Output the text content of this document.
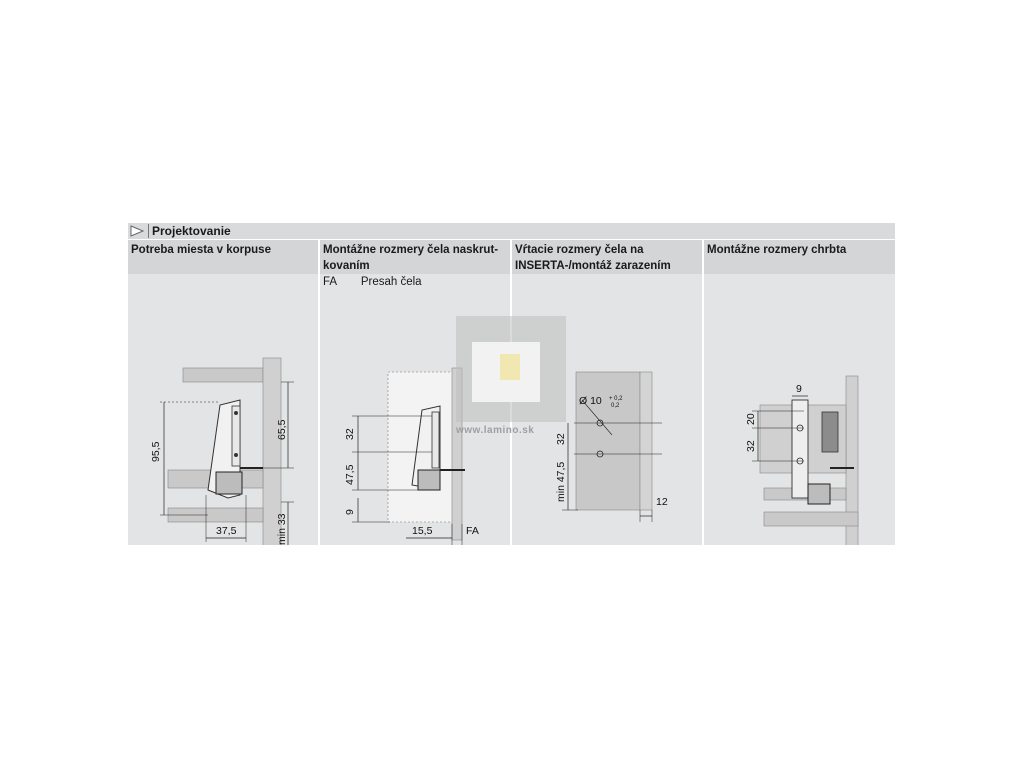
Projektovanie
Potreba miesta v korpuse
95,5
65,5
37,5	min 33
Montážne rozmery čela naskrut-
kovaním
FA Presah čela
32
47,5
9
15,5	FA
Vŕtacie rozmery čela na
INSERTA-/montáž zarazením
Ø 10 + 0,2
0,2
32
min 47,5	12
Montážne rozmery chrbta
9
20
32
www.lamino.sk
